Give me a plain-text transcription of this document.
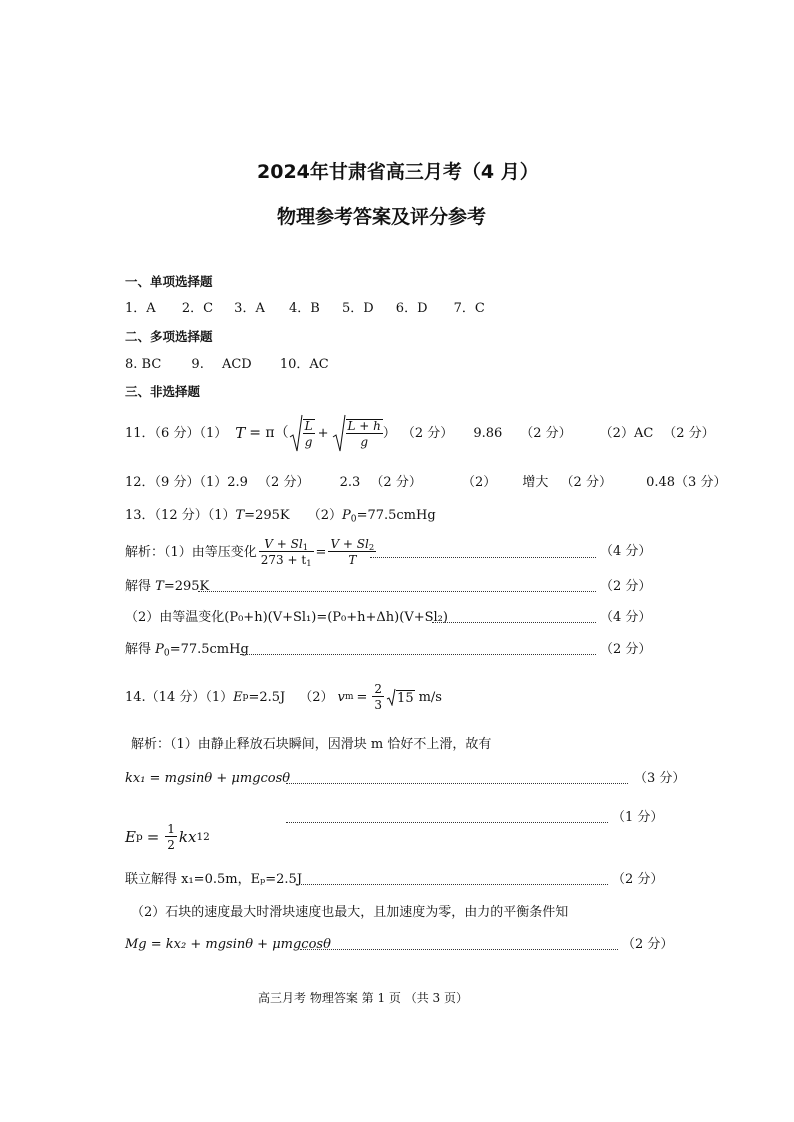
2024年甘肃省高三月考（4 月）
物理参考答案及评分参考
一、单项选择题
1．A 2．C 3．A 4．B 5．D 6．D 7．C
二、多项选择题
8. BC 9. ACD 10．AC
三、非选择题
11．（6 分）（1） $T = \pi( \frac{L}{g} + \frac{L + h}{g}$ ） （2 分） 9.86 （2 分） （2）AC （2 分）
12．（9 分）（1）2.9 （2 分） 2.3 （2 分）	（2） 增大 （2 分）	0.48（3 分）
13．（12 分）（1）T=295K $(2)P_0=77.5cmHg$
解析：（1）由等压变化 $\frac{V + Sl_1}{273 + t_1} = \frac{V + Sl_2}{T}$	（4 分）
解得 T=295K	（2 分）
（2）由等温变化(P₀+h)(V+Sl₁)=(P₀+h+Δh)(V+Sl₂)	（4 分）
解得 $P_0=77.5cmHg$	（2 分）
14.（14 分）（1） E p =2.5J （2） v $m = \frac{2}{3} 15$ m/s
解析：（1）由静止释放石块瞬间，因滑块 m 恰好不上滑，故有
kx₁ = mgsinθ + μmgcosθ	（3 分）
E $p = \frac{1}{2}$ kx 1 2
（1 分）
联立解得 x₁=0.5m，Eₚ=2.5J	（2 分）
（2）石块的速度最大时滑块速度也最大，且加速度为零，由力的平衡条件知
Mg = kx₂ + mgsinθ + μmgcosθ	（2 分）
高三月考 物理答案 第 1 页 （共 3 页）
